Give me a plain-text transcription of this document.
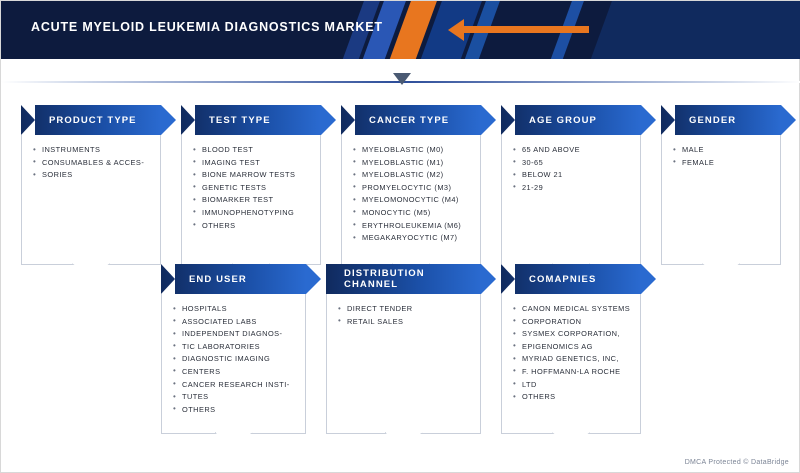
ACUTE MYELOID LEUKEMIA DIAGNOSTICS MARKET
PRODUCT TYPE
• INSTRUMENTS
• CONSUMABLES & ACCES-
• SORIES
TEST TYPE
• BLOOD TEST
• IMAGING TEST
• BIONE MARROW TESTS
• GENETIC TESTS
• BIOMARKER TEST
• IMMUNOPHENOTYPING
• OTHERS
CANCER TYPE
• MYELOBLASTIC (M0)
• MYELOBLASTIC (M1)
• MYELOBLASTIC (M2)
• PROMYELOCYTIC (M3)
• MYELOMONOCYTIC (M4)
• MONOCYTIC (M5)
• ERYTHROLEUKEMIA (M6)
• MEGAKARYOCYTIC (M7)
AGE GROUP
• 65 AND ABOVE
• 30-65
• BELOW 21
• 21-29
GENDER
• MALE
• FEMALE
END USER
• HOSPITALS
• ASSOCIATED LABS
• INDEPENDENT DIAGNOS-
• TIC LABORATORIES
• DIAGNOSTIC IMAGING
• CENTERS
• CANCER RESEARCH INSTI-
• TUTES
• OTHERS
DISTRIBUTION CHANNEL
• DIRECT TENDER
• RETAIL SALES
COMAPNIES
• CANON MEDICAL SYSTEMS
• CORPORATION
• SYSMEX CORPORATION,
• EPIGENOMICS AG
• MYRIAD GENETICS, INC,
• F. HOFFMANN-LA ROCHE
• LTD
• OTHERS
DMCA Protected © DataBridge
